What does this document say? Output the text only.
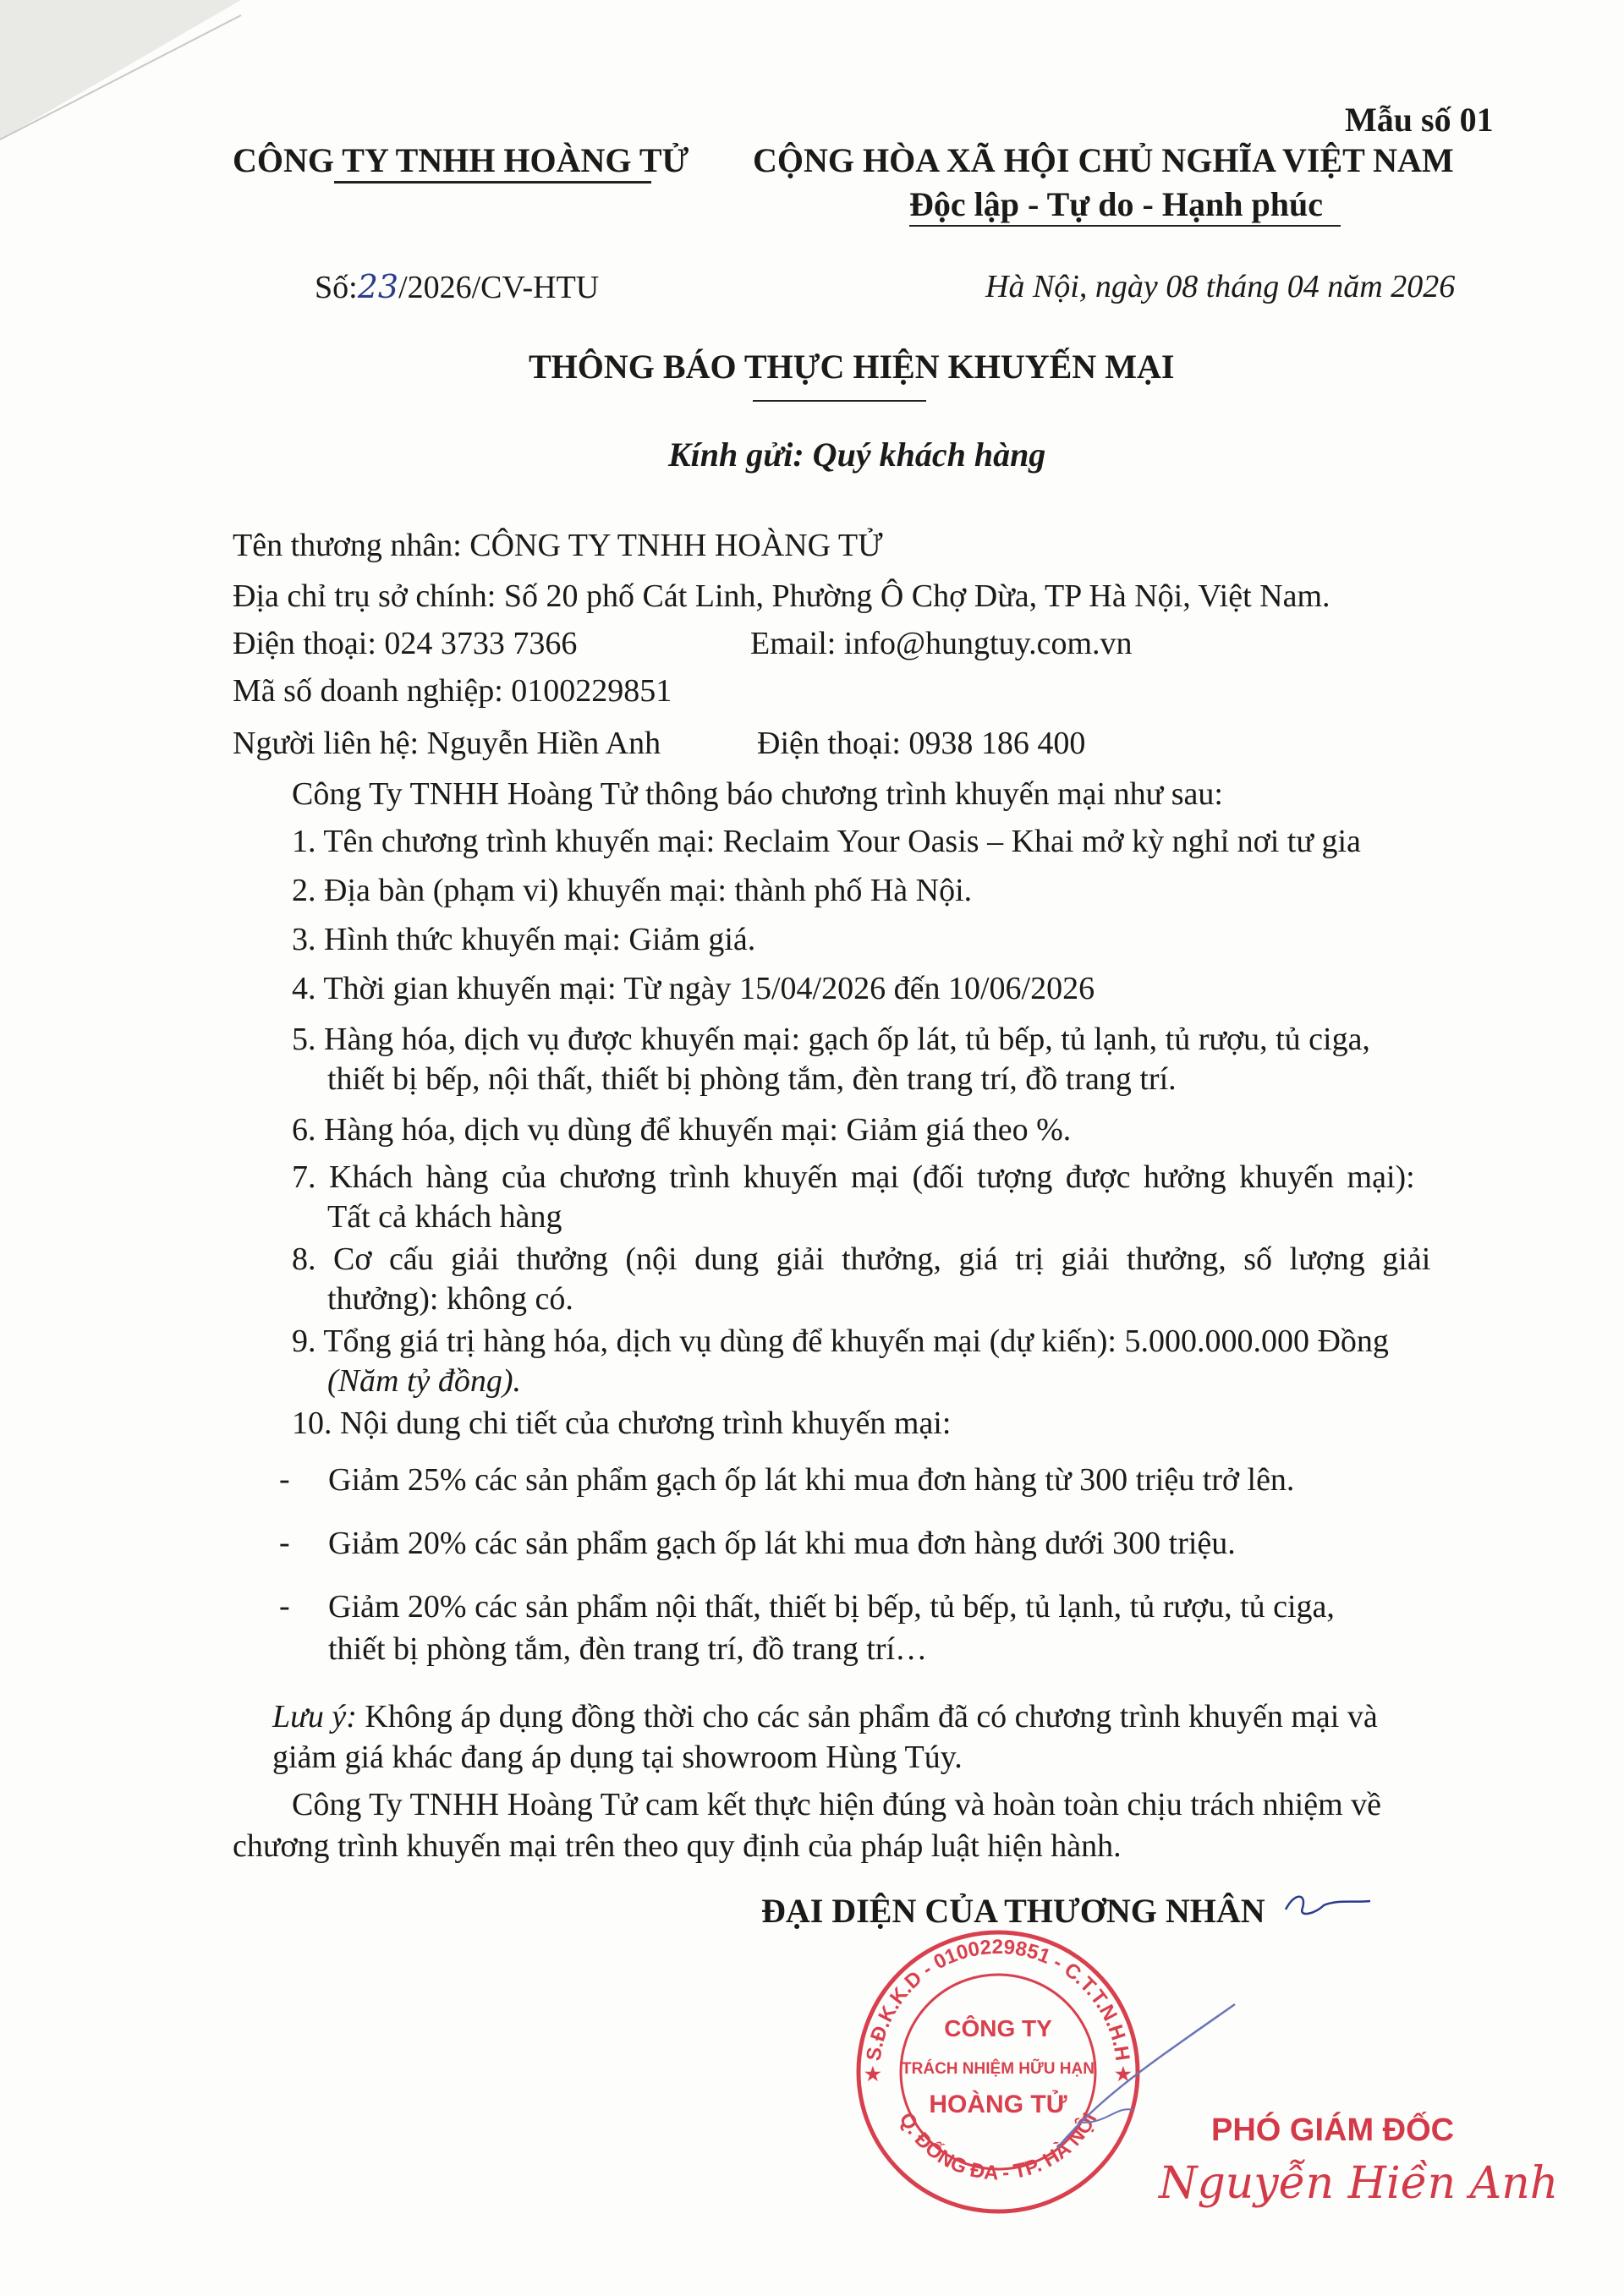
Mẫu số 01
CÔNG TY TNHH HOÀNG TỬ CỘNG HÒA XÃ HỘI CHỦ NGHĨA VIỆT NAM
Độc lập - Tự do - Hạnh phúc
Số:23/2026/CV-HTU	Hà Nội, ngày 08 tháng 04 năm 2026
THÔNG BÁO THỰC HIỆN KHUYẾN MẠI
Kính gửi: Quý khách hàng
Tên thương nhân: CÔNG TY TNHH HOÀNG TỬ
Địa chỉ trụ sở chính: Số 20 phố Cát Linh, Phường Ô Chợ Dừa, TP Hà Nội, Việt Nam.
Điện thoại: 024 3733 7366	Email: info@hungtuy.com.vn
Mã số doanh nghiệp: 0100229851
Người liên hệ: Nguyễn Hiền Anh	Điện thoại: 0938 186 400
Công Ty TNHH Hoàng Tử thông báo chương trình khuyến mại như sau:
1. Tên chương trình khuyến mại: Reclaim Your Oasis – Khai mở kỳ nghỉ nơi tư gia
2. Địa bàn (phạm vi) khuyến mại: thành phố Hà Nội.
3. Hình thức khuyến mại: Giảm giá.
4. Thời gian khuyến mại: Từ ngày 15/04/2026 đến 10/06/2026
5. Hàng hóa, dịch vụ được khuyến mại: gạch ốp lát, tủ bếp, tủ lạnh, tủ rượu, tủ ciga,
thiết bị bếp, nội thất, thiết bị phòng tắm, đèn trang trí, đồ trang trí.
6. Hàng hóa, dịch vụ dùng để khuyến mại: Giảm giá theo %.
7. Khách hàng của chương trình khuyến mại (đối tượng được hưởng khuyến mại):
Tất cả khách hàng
8. Cơ cấu giải thưởng (nội dung giải thưởng, giá trị giải thưởng, số lượng giải
thưởng): không có.
9. Tổng giá trị hàng hóa, dịch vụ dùng để khuyến mại (dự kiến): 5.000.000.000 Đồng
(Năm tỷ đồng).
10. Nội dung chi tiết của chương trình khuyến mại:
- Giảm 25% các sản phẩm gạch ốp lát khi mua đơn hàng từ 300 triệu trở lên.
- Giảm 20% các sản phẩm gạch ốp lát khi mua đơn hàng dưới 300 triệu.
- Giảm 20% các sản phẩm nội thất, thiết bị bếp, tủ bếp, tủ lạnh, tủ rượu, tủ ciga,
thiết bị phòng tắm, đèn trang trí, đồ trang trí…
Lưu ý: Không áp dụng đồng thời cho các sản phẩm đã có chương trình khuyến mại và
giảm giá khác đang áp dụng tại showroom Hùng Túy.
Công Ty TNHH Hoàng Tử cam kết thực hiện đúng và hoàn toàn chịu trách nhiệm về
chương trình khuyến mại trên theo quy định của pháp luật hiện hành.
ĐẠI DIỆN CỦA THƯƠNG NHÂN
S.Đ.K.K.D - 0100229851 - C.T.T.N.H.H
Q. ĐỐNG ĐA - TP. HÀ NỘI
CÔNG TY
TRÁCH NHIỆM HỮU HẠN
HOÀNG TỬ
★	★
PHÓ GIÁM ĐỐC
Nguyễn Hiền Anh
